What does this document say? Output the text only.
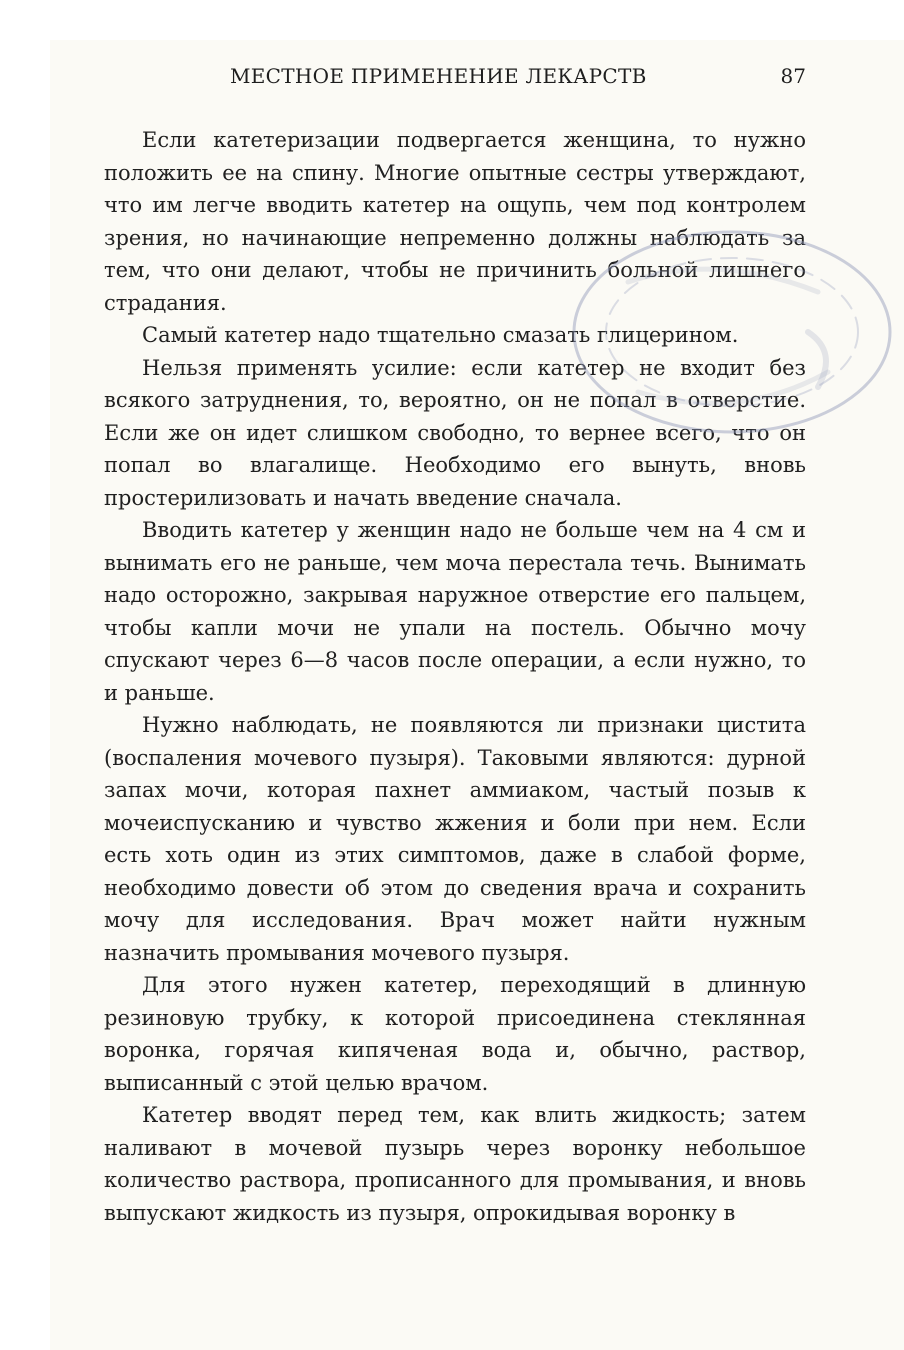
МЕСТНОЕ ПРИМЕНЕНИЕ ЛЕКАРСТВ	87

Если катетеризации подвергается женщина, то нужно положить ее на спину. Многие опытные сестры утверждают, что им легче вводить катетер на ощупь, чем под контролем зрения, но начинающие непременно должны наблюдать за тем, что они делают, чтобы не причинить больной лишнего страдания.

Самый катетер надо тщательно смазать глицерином.

Нельзя применять усилие: если катетер не входит без всякого затруднения, то, вероятно, он не попал в отверстие. Если же он идет слишком свободно, то вернее всего, что он попал во влагалище. Необходимо его вынуть, вновь простерилизовать и начать введение сначала.

Вводить катетер у женщин надо не больше чем на 4 см и вынимать его не раньше, чем моча перестала течь. Вынимать надо осторожно, закрывая наружное отверстие его пальцем, чтобы капли мочи не упали на постель. Обычно мочу спускают через 6—8 часов после операции, а если нужно, то и раньше.

Нужно наблюдать, не появляются ли признаки цистита (воспаления мочевого пузыря). Таковыми являются: дурной запах мочи, которая пахнет аммиаком, частый позыв к мочеиспусканию и чувство жжения и боли при нем. Если есть хоть один из этих симптомов, даже в слабой форме, необходимо довести об этом до сведения врача и сохранить мочу для исследования. Врач может найти нужным назначить промывания мочевого пузыря.

Для этого нужен катетер, переходящий в длинную резиновую трубку, к которой присоединена стеклянная воронка, горячая кипяченая вода и, обычно, раствор, выписанный с этой целью врачом.

Катетер вводят перед тем, как влить жидкость; затем наливают в мочевой пузырь через воронку небольшое количество раствора, прописанного для промывания, и вновь выпускают жидкость из пузыря, опрокидывая воронку в
